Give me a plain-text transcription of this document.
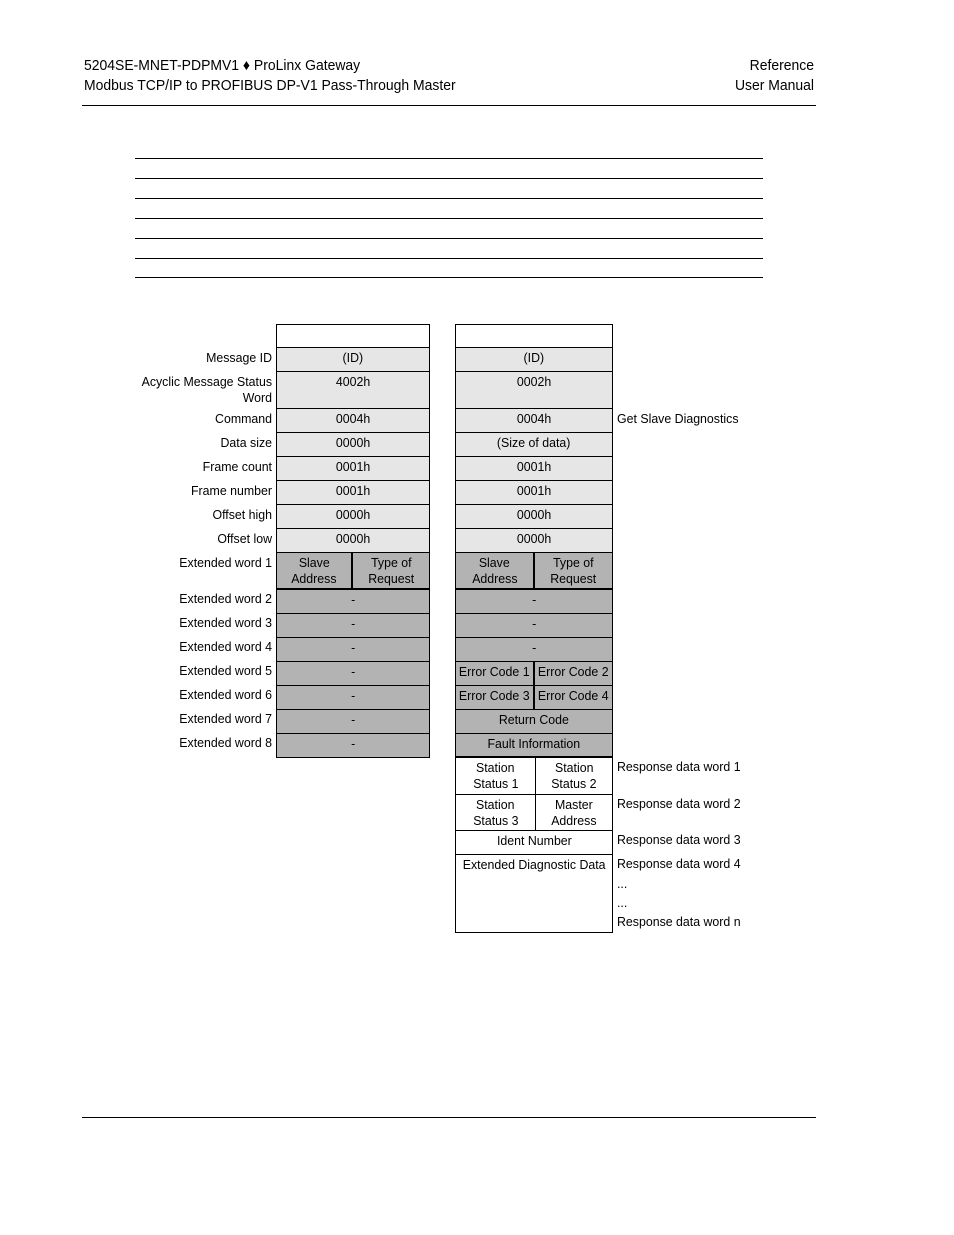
5204SE-MNET-PDPMV1 ♦ ProLinx Gateway
Modbus TCP/IP to PROFIBUS DP-V1 Pass-Through Master
Reference
User Manual
Message ID
Acyclic Message Status
Word
Command
Data size
Frame count
Frame number
Offset high
Offset low
Extended word 1
Extended word 2
Extended word 3
Extended word 4
Extended word 5
Extended word 6
Extended word 7
Extended word 8
(ID)
4002h
0004h
0000h
0001h
0001h
0000h
0000h
Slave
Address
Type of
Request
-
-
-
-
-
-
-
(ID)
0002h
0004h
(Size of data)
0001h
0001h
0000h
0000h
Slave
Address
Type of
Request
-
-
-
Error Code 1 Error Code 2
Error Code 3 Error Code 4
Return Code
Fault Information
Station
Status 1
Station
Status 2
Station
Status 3
Master
Address
Ident Number
Extended Diagnostic Data
Get Slave Diagnostics
Response data word 1
Response data word 2
Response data word 3
Response data word 4
...
...
Response data word n
